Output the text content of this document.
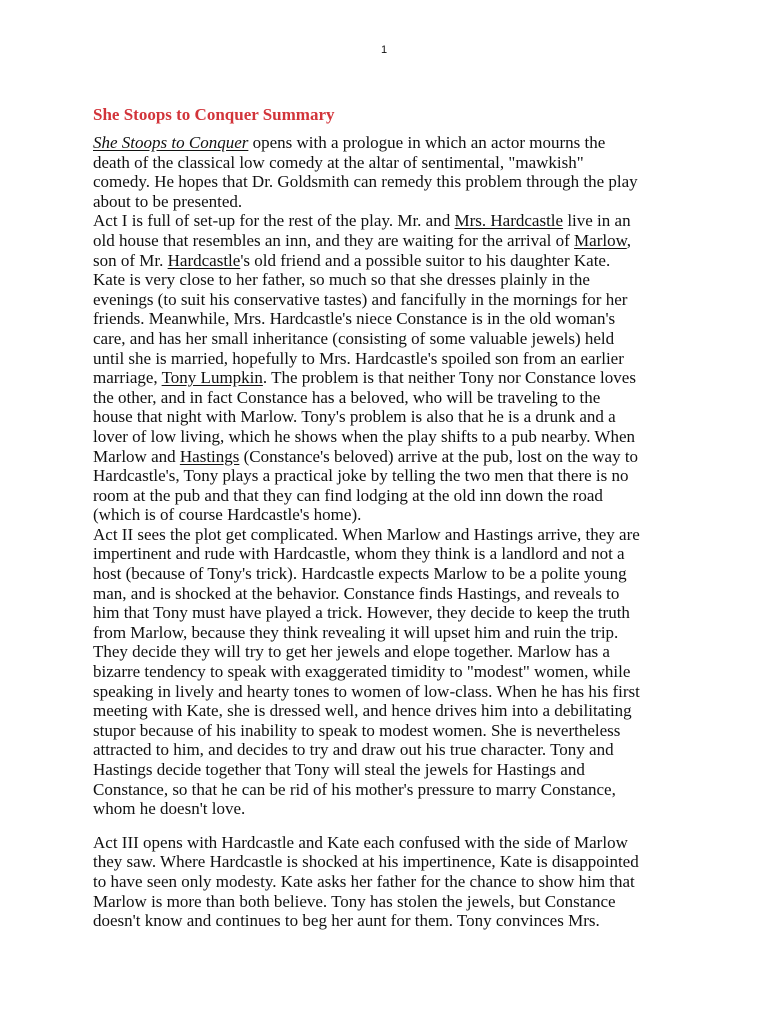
1
She Stoops to Conquer Summary
She Stoops to Conquer opens with a prologue in which an actor mourns the
death of the classical low comedy at the altar of sentimental, "mawkish"
comedy. He hopes that Dr. Goldsmith can remedy this problem through the play
about to be presented.
Act I is full of set-up for the rest of the play. Mr. and Mrs. Hardcastle live in an
old house that resembles an inn, and they are waiting for the arrival of Marlow,
son of Mr. Hardcastle's old friend and a possible suitor to his daughter Kate.
Kate is very close to her father, so much so that she dresses plainly in the
evenings (to suit his conservative tastes) and fancifully in the mornings for her
friends. Meanwhile, Mrs. Hardcastle's niece Constance is in the old woman's
care, and has her small inheritance (consisting of some valuable jewels) held
until she is married, hopefully to Mrs. Hardcastle's spoiled son from an earlier
marriage, Tony Lumpkin. The problem is that neither Tony nor Constance loves
the other, and in fact Constance has a beloved, who will be traveling to the
house that night with Marlow. Tony's problem is also that he is a drunk and a
lover of low living, which he shows when the play shifts to a pub nearby. When
Marlow and Hastings (Constance's beloved) arrive at the pub, lost on the way to
Hardcastle's, Tony plays a practical joke by telling the two men that there is no
room at the pub and that they can find lodging at the old inn down the road
(which is of course Hardcastle's home).
Act II sees the plot get complicated. When Marlow and Hastings arrive, they are
impertinent and rude with Hardcastle, whom they think is a landlord and not a
host (because of Tony's trick). Hardcastle expects Marlow to be a polite young
man, and is shocked at the behavior. Constance finds Hastings, and reveals to
him that Tony must have played a trick. However, they decide to keep the truth
from Marlow, because they think revealing it will upset him and ruin the trip.
They decide they will try to get her jewels and elope together. Marlow has a
bizarre tendency to speak with exaggerated timidity to "modest" women, while
speaking in lively and hearty tones to women of low-class. When he has his first
meeting with Kate, she is dressed well, and hence drives him into a debilitating
stupor because of his inability to speak to modest women. She is nevertheless
attracted to him, and decides to try and draw out his true character. Tony and
Hastings decide together that Tony will steal the jewels for Hastings and
Constance, so that he can be rid of his mother's pressure to marry Constance,
whom he doesn't love.
Act III opens with Hardcastle and Kate each confused with the side of Marlow
they saw. Where Hardcastle is shocked at his impertinence, Kate is disappointed
to have seen only modesty. Kate asks her father for the chance to show him that
Marlow is more than both believe. Tony has stolen the jewels, but Constance
doesn't know and continues to beg her aunt for them. Tony convinces Mrs.
